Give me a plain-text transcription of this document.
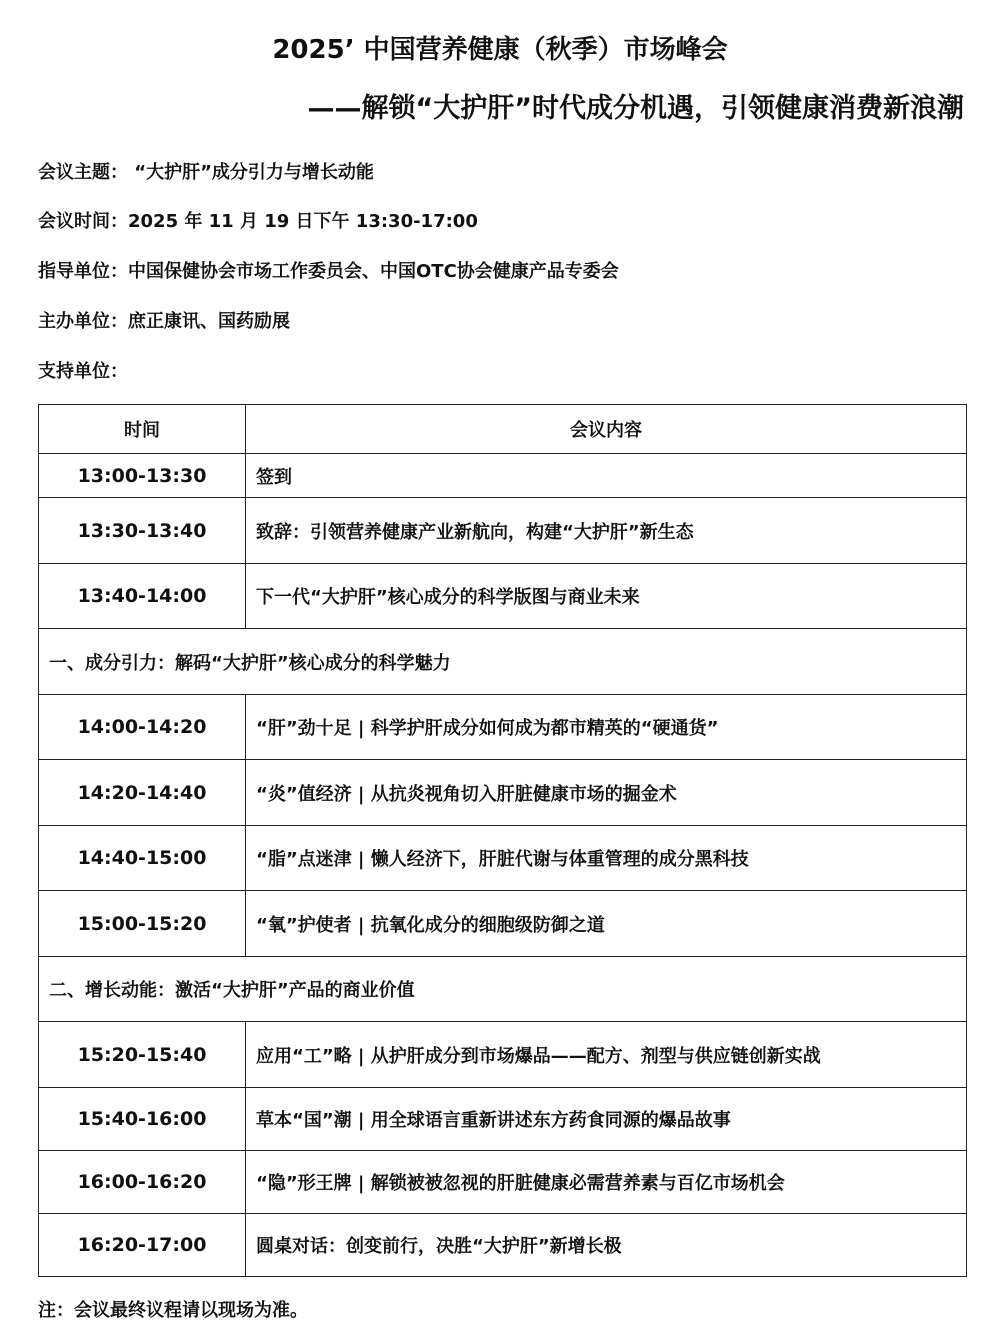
2025’ 中国营养健康（秋季）市场峰会
——解锁“大护肝”时代成分机遇，引领健康消费新浪潮
会议主题： “大护肝”成分引力与增长动能
会议时间：2025 年 11 月 19 日下午 13:30-17:00
指导单位：中国保健协会市场工作委员会、中国OTC协会健康产品专委会
主办单位：庶正康讯、国药励展
支持单位：
时间	会议内容
13:00-13:30	签到
13:30-13:40	致辞：引领营养健康产业新航向，构建“大护肝”新生态
13:40-14:00	下一代“大护肝”核心成分的科学版图与商业未来
一、成分引力：解码“大护肝”核心成分的科学魅力	
14:00-14:20	“肝”劲十足 | 科学护肝成分如何成为都市精英的“硬通货”
14:20-14:40	“炎”值经济 | 从抗炎视角切入肝脏健康市场的掘金术
14:40-15:00	“脂”点迷津 | 懒人经济下，肝脏代谢与体重管理的成分黑科技
15:00-15:20	“氧”护使者 | 抗氧化成分的细胞级防御之道
二、增长动能：激活“大护肝”产品的商业价值	
15:20-15:40	应用“工”略 | 从护肝成分到市场爆品——配方、剂型与供应链创新实战
15:40-16:00	草本“国”潮 | 用全球语言重新讲述东方药食同源的爆品故事
16:00-16:20	“隐”形王牌 | 解锁被被忽视的肝脏健康必需营养素与百亿市场机会
16:20-17:00	圆桌对话：创变前行，决胜“大护肝”新增长极
注：会议最终议程请以现场为准。
